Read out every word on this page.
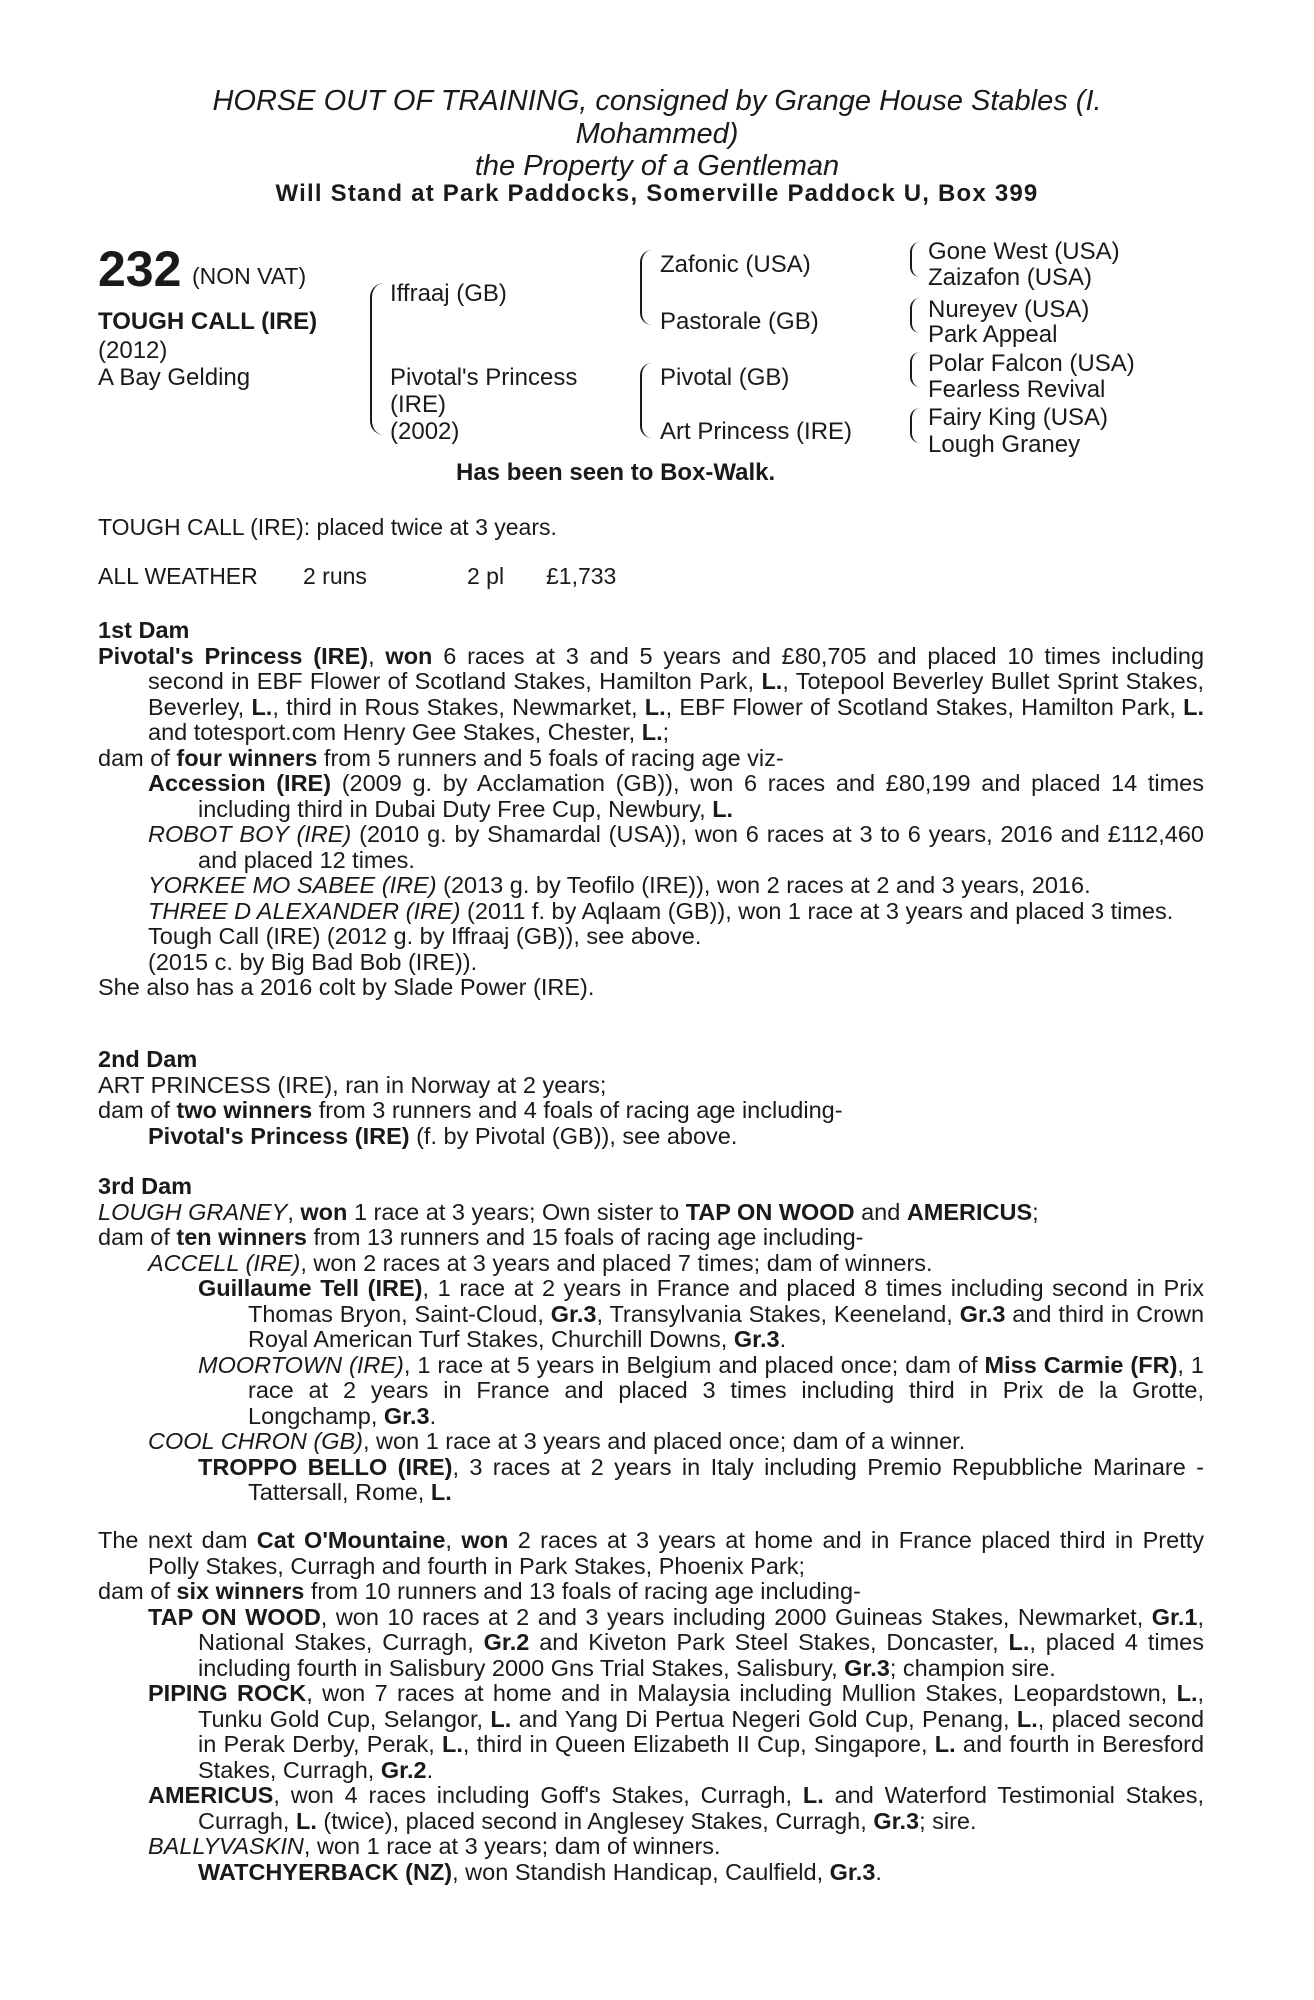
HORSE OUT OF TRAINING, consigned by Grange House Stables (I.
Mohammed)
the Property of a Gentleman
Will Stand at Park Paddocks, Somerville Paddock U, Box 399
232 (NON VAT)
TOUGH CALL (IRE)
(2012)
A Bay Gelding
Iffraaj (GB)
Pivotal's Princess
(IRE)
(2002)
Zafonic (USA)
Pastorale (GB)
Pivotal (GB)
Art Princess (IRE)
Gone West (USA)
Zaizafon (USA)
Nureyev (USA)
Park Appeal
Polar Falcon (USA)
Fearless Revival
Fairy King (USA)
Lough Graney
Has been seen to Box-Walk.
TOUGH CALL (IRE): placed twice at 3 years.
ALL WEATHER 2 runs	2 pl £1,733
1st Dam
Pivotal's Princess (IRE), won 6 races at 3 and 5 years and £80,705 and placed 10 times including second in EBF Flower of Scotland Stakes, Hamilton Park, L., Totepool Beverley Bullet Sprint Stakes, Beverley, L., third in Rous Stakes, Newmarket, L., EBF Flower of Scotland Stakes, Hamilton Park, L. and totesport.com Henry Gee Stakes, Chester, L.;
dam of four winners from 5 runners and 5 foals of racing age viz-
Accession (IRE) (2009 g. by Acclamation (GB)), won 6 races and £80,199 and placed 14 times including third in Dubai Duty Free Cup, Newbury, L.
ROBOT BOY (IRE) (2010 g. by Shamardal (USA)), won 6 races at 3 to 6 years, 2016 and £112,460 and placed 12 times.
YORKEE MO SABEE (IRE) (2013 g. by Teofilo (IRE)), won 2 races at 2 and 3 years, 2016.
THREE D ALEXANDER (IRE) (2011 f. by Aqlaam (GB)), won 1 race at 3 years and placed 3 times.
Tough Call (IRE) (2012 g. by Iffraaj (GB)), see above.
(2015 c. by Big Bad Bob (IRE)).
She also has a 2016 colt by Slade Power (IRE).
2nd Dam
ART PRINCESS (IRE), ran in Norway at 2 years;
dam of two winners from 3 runners and 4 foals of racing age including-
Pivotal's Princess (IRE) (f. by Pivotal (GB)), see above.
3rd Dam
LOUGH GRANEY, won 1 race at 3 years; Own sister to TAP ON WOOD and AMERICUS;
dam of ten winners from 13 runners and 15 foals of racing age including-
ACCELL (IRE), won 2 races at 3 years and placed 7 times; dam of winners.
Guillaume Tell (IRE), 1 race at 2 years in France and placed 8 times including second in Prix Thomas Bryon, Saint-Cloud, Gr.3, Transylvania Stakes, Keeneland, Gr.3 and third in Crown Royal American Turf Stakes, Churchill Downs, Gr.3.
MOORTOWN (IRE), 1 race at 5 years in Belgium and placed once; dam of Miss Carmie (FR), 1 race at 2 years in France and placed 3 times including third in Prix de la Grotte, Longchamp, Gr.3.
COOL CHRON (GB), won 1 race at 3 years and placed once; dam of a winner.
TROPPO BELLO (IRE), 3 races at 2 years in Italy including Premio Repubbliche Marinare -Tattersall, Rome, L.
The next dam Cat O'Mountaine, won 2 races at 3 years at home and in France placed third in Pretty Polly Stakes, Curragh and fourth in Park Stakes, Phoenix Park;
dam of six winners from 10 runners and 13 foals of racing age including-
TAP ON WOOD, won 10 races at 2 and 3 years including 2000 Guineas Stakes, Newmarket, Gr.1, National Stakes, Curragh, Gr.2 and Kiveton Park Steel Stakes, Doncaster, L., placed 4 times including fourth in Salisbury 2000 Gns Trial Stakes, Salisbury, Gr.3; champion sire.
PIPING ROCK, won 7 races at home and in Malaysia including Mullion Stakes, Leopardstown, L., Tunku Gold Cup, Selangor, L. and Yang Di Pertua Negeri Gold Cup, Penang, L., placed second in Perak Derby, Perak, L., third in Queen Elizabeth II Cup, Singapore, L. and fourth in Beresford Stakes, Curragh, Gr.2.
AMERICUS, won 4 races including Goff's Stakes, Curragh, L. and Waterford Testimonial Stakes, Curragh, L. (twice), placed second in Anglesey Stakes, Curragh, Gr.3; sire.
BALLYVASKIN, won 1 race at 3 years; dam of winners.
WATCHYERBACK (NZ), won Standish Handicap, Caulfield, Gr.3.
